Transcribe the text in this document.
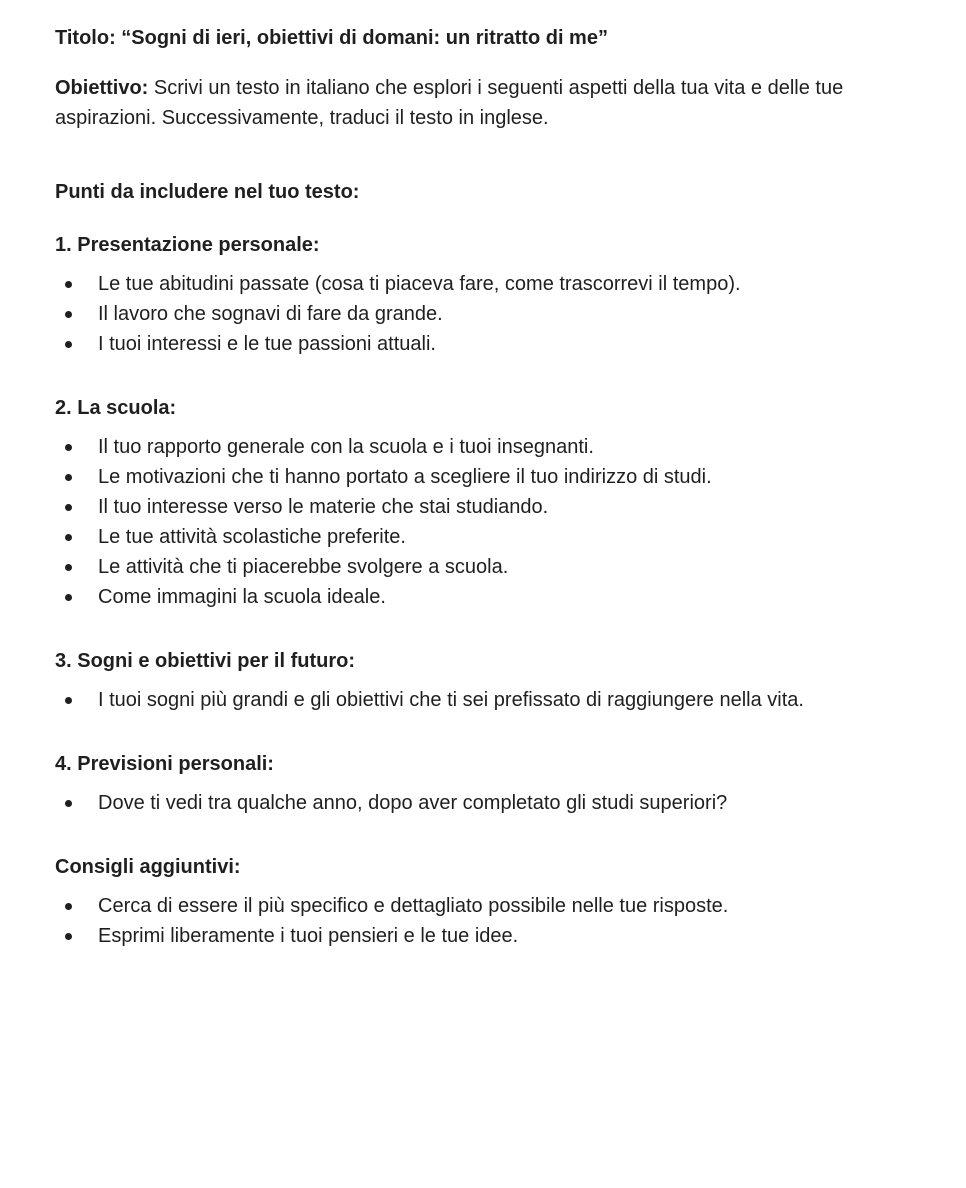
Titolo: “Sogni di ieri, obiettivi di domani: un ritratto di me”

Obiettivo: Scrivi un testo in italiano che esplori i seguenti aspetti della tua vita e delle tue aspirazioni. Successivamente, traduci il testo in inglese.

Punti da includere nel tuo testo:

1. Presentazione personale:

Le tue abitudini passate (cosa ti piaceva fare, come trascorrevi il tempo).
Il lavoro che sognavi di fare da grande.
I tuoi interessi e le tue passioni attuali.

2. La scuola:

Il tuo rapporto generale con la scuola e i tuoi insegnanti.
Le motivazioni che ti hanno portato a scegliere il tuo indirizzo di studi.
Il tuo interesse verso le materie che stai studiando.
Le tue attività scolastiche preferite.
Le attività che ti piacerebbe svolgere a scuola.
Come immagini la scuola ideale.

3. Sogni e obiettivi per il futuro:

I tuoi sogni più grandi e gli obiettivi che ti sei prefissato di raggiungere nella vita.

4. Previsioni personali:

Dove ti vedi tra qualche anno, dopo aver completato gli studi superiori?

Consigli aggiuntivi:

Cerca di essere il più specifico e dettagliato possibile nelle tue risposte.
Esprimi liberamente i tuoi pensieri e le tue idee.
